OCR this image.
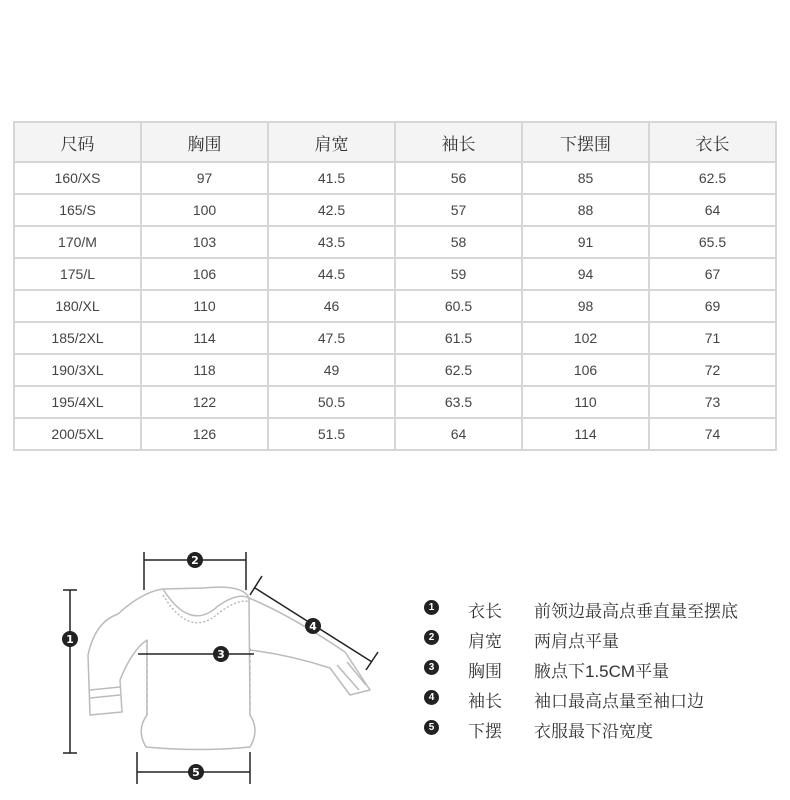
尺码	胸围	肩宽	袖长	下摆围	衣长
160/XS	97	41.5	56	85	62.5
165/S	100	42.5	57	88	64
170/M	103	43.5	58	91	65.5
175/L	106	44.5	59	94	67
180/XL	110	46	60.5	98	69
185/2XL	114	47.5	61.5	102	71
190/3XL	118	49	62.5	106	72
195/4XL	122	50.5	63.5	110	73
200/5XL	126	51.5	64	114	74
1
2
3
4
5
1 衣长 前领边最高点垂直量至摆底
2 肩宽 两肩点平量
3 胸围 腋点下1.5CM平量
4 袖长 袖口最高点量至袖口边
5 下摆 衣服最下沿宽度
